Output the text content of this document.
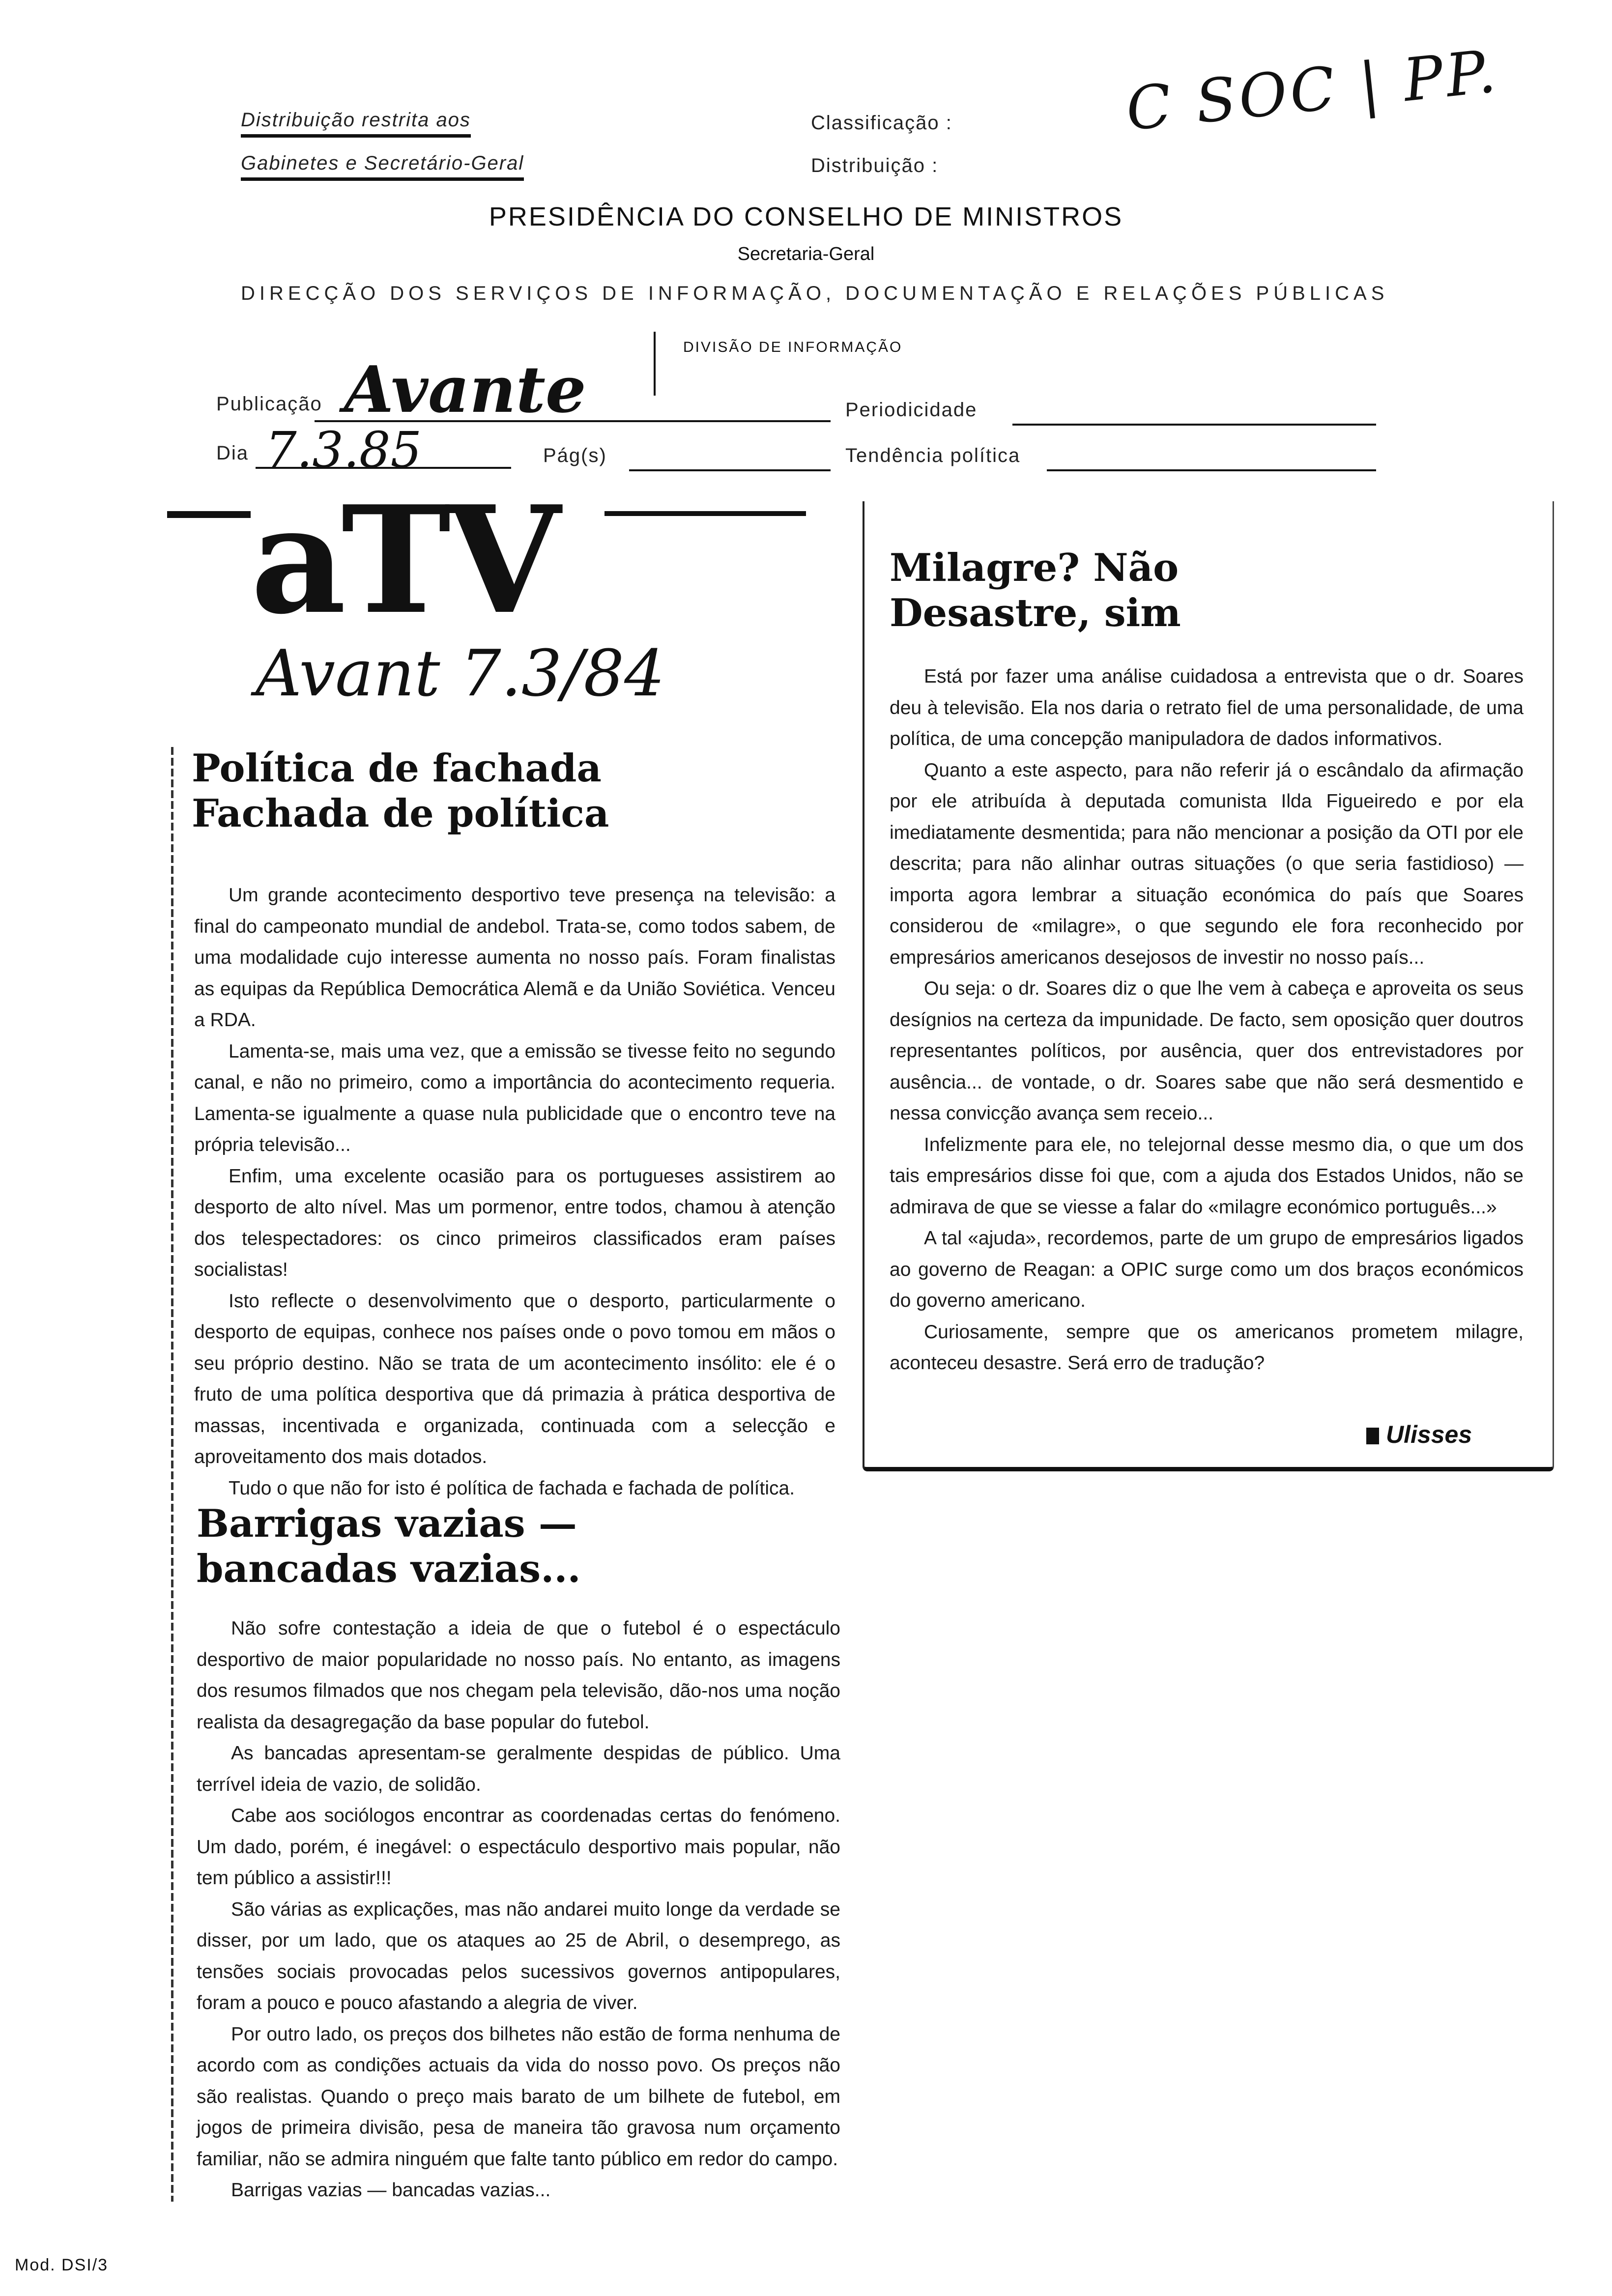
Distribuição restrita aos
Gabinetes e Secretário-Geral
Classificação :
Distribuição :
C SOC | PP.
PRESIDÊNCIA DO CONSELHO DE MINISTROS
Secretaria-Geral
DIRECÇÃO DOS SERVIÇOS DE INFORMAÇÃO, DOCUMENTAÇÃO E RELAÇÕES PÚBLICAS
DIVISÃO DE INFORMAÇÃO
Publicação Avante	Periodicidade
Dia 7.3.85	Pág(s)	Tendência política
aTV
Avant 7.3/84
Política de fachada
Fachada de política

Um grande acontecimento desportivo teve presença na televisão: a final do campeonato mundial de andebol. Trata-se, como todos sabem, de uma modalidade cujo interesse aumenta no nosso país. Foram finalistas as equipas da República Democrática Alemã e da União Soviética. Venceu a RDA.

Lamenta-se, mais uma vez, que a emissão se tivesse feito no segundo canal, e não no primeiro, como a importância do acontecimento requeria. Lamenta-se igualmente a quase nula publicidade que o encontro teve na própria televisão...

Enfim, uma excelente ocasião para os portugueses assistirem ao desporto de alto nível. Mas um pormenor, entre todos, chamou à atenção dos telespectadores: os cinco primeiros classificados eram países socialistas!

Isto reflecte o desenvolvimento que o desporto, particularmente o desporto de equipas, conhece nos países onde o povo tomou em mãos o seu próprio destino. Não se trata de um acontecimento insólito: ele é o fruto de uma política desportiva que dá primazia à prática desportiva de massas, incentivada e organizada, continuada com a selecção e aproveitamento dos mais dotados.

Tudo o que não for isto é política de fachada e fachada de política.

Barrigas vazias —
bancadas vazias...

Não sofre contestação a ideia de que o futebol é o espectáculo desportivo de maior popularidade no nosso país. No entanto, as imagens dos resumos filmados que nos chegam pela televisão, dão-nos uma noção realista da desagregação da base popular do futebol.

As bancadas apresentam-se geralmente despidas de público. Uma terrível ideia de vazio, de solidão.

Cabe aos sociólogos encontrar as coordenadas certas do fenómeno. Um dado, porém, é inegável: o espectáculo desportivo mais popular, não tem público a assistir!!!

São várias as explicações, mas não andarei muito longe da verdade se disser, por um lado, que os ataques ao 25 de Abril, o desemprego, as tensões sociais provocadas pelos sucessivos governos antipopulares, foram a pouco e pouco afastando a alegria de viver.

Por outro lado, os preços dos bilhetes não estão de forma nenhuma de acordo com as condições actuais da vida do nosso povo. Os preços não são realistas. Quando o preço mais barato de um bilhete de futebol, em jogos de primeira divisão, pesa de maneira tão gravosa num orçamento familiar, não se admira ninguém que falte tanto público em redor do campo.

Barrigas vazias — bancadas vazias...

Milagre? Não
Desastre, sim

Está por fazer uma análise cuidadosa a entrevista que o dr. Soares deu à televisão. Ela nos daria o retrato fiel de uma personalidade, de uma política, de uma concepção manipuladora de dados informativos.

Quanto a este aspecto, para não referir já o escândalo da afirmação por ele atribuída à deputada comunista Ilda Figueiredo e por ela imediatamente desmentida; para não mencionar a posição da OTI por ele descrita; para não alinhar outras situações (o que seria fastidioso) — importa agora lembrar a situação económica do país que Soares considerou de «milagre», o que segundo ele fora reconhecido por empresários americanos desejosos de investir no nosso país...

Ou seja: o dr. Soares diz o que lhe vem à cabeça e aproveita os seus desígnios na certeza da impunidade. De facto, sem oposição quer doutros representantes políticos, por ausência, quer dos entrevistadores por ausência... de vontade, o dr. Soares sabe que não será desmentido e nessa convicção avança sem receio...

Infelizmente para ele, no telejornal desse mesmo dia, o que um dos tais empresários disse foi que, com a ajuda dos Estados Unidos, não se admirava de que se viesse a falar do «milagre económico português...»

A tal «ajuda», recordemos, parte de um grupo de empresários ligados ao governo de Reagan: a OPIC surge como um dos braços económicos do governo americano.

Curiosamente, sempre que os americanos prometem milagre, aconteceu desastre. Será erro de tradução?

Ulisses
Mod. DSI/3
